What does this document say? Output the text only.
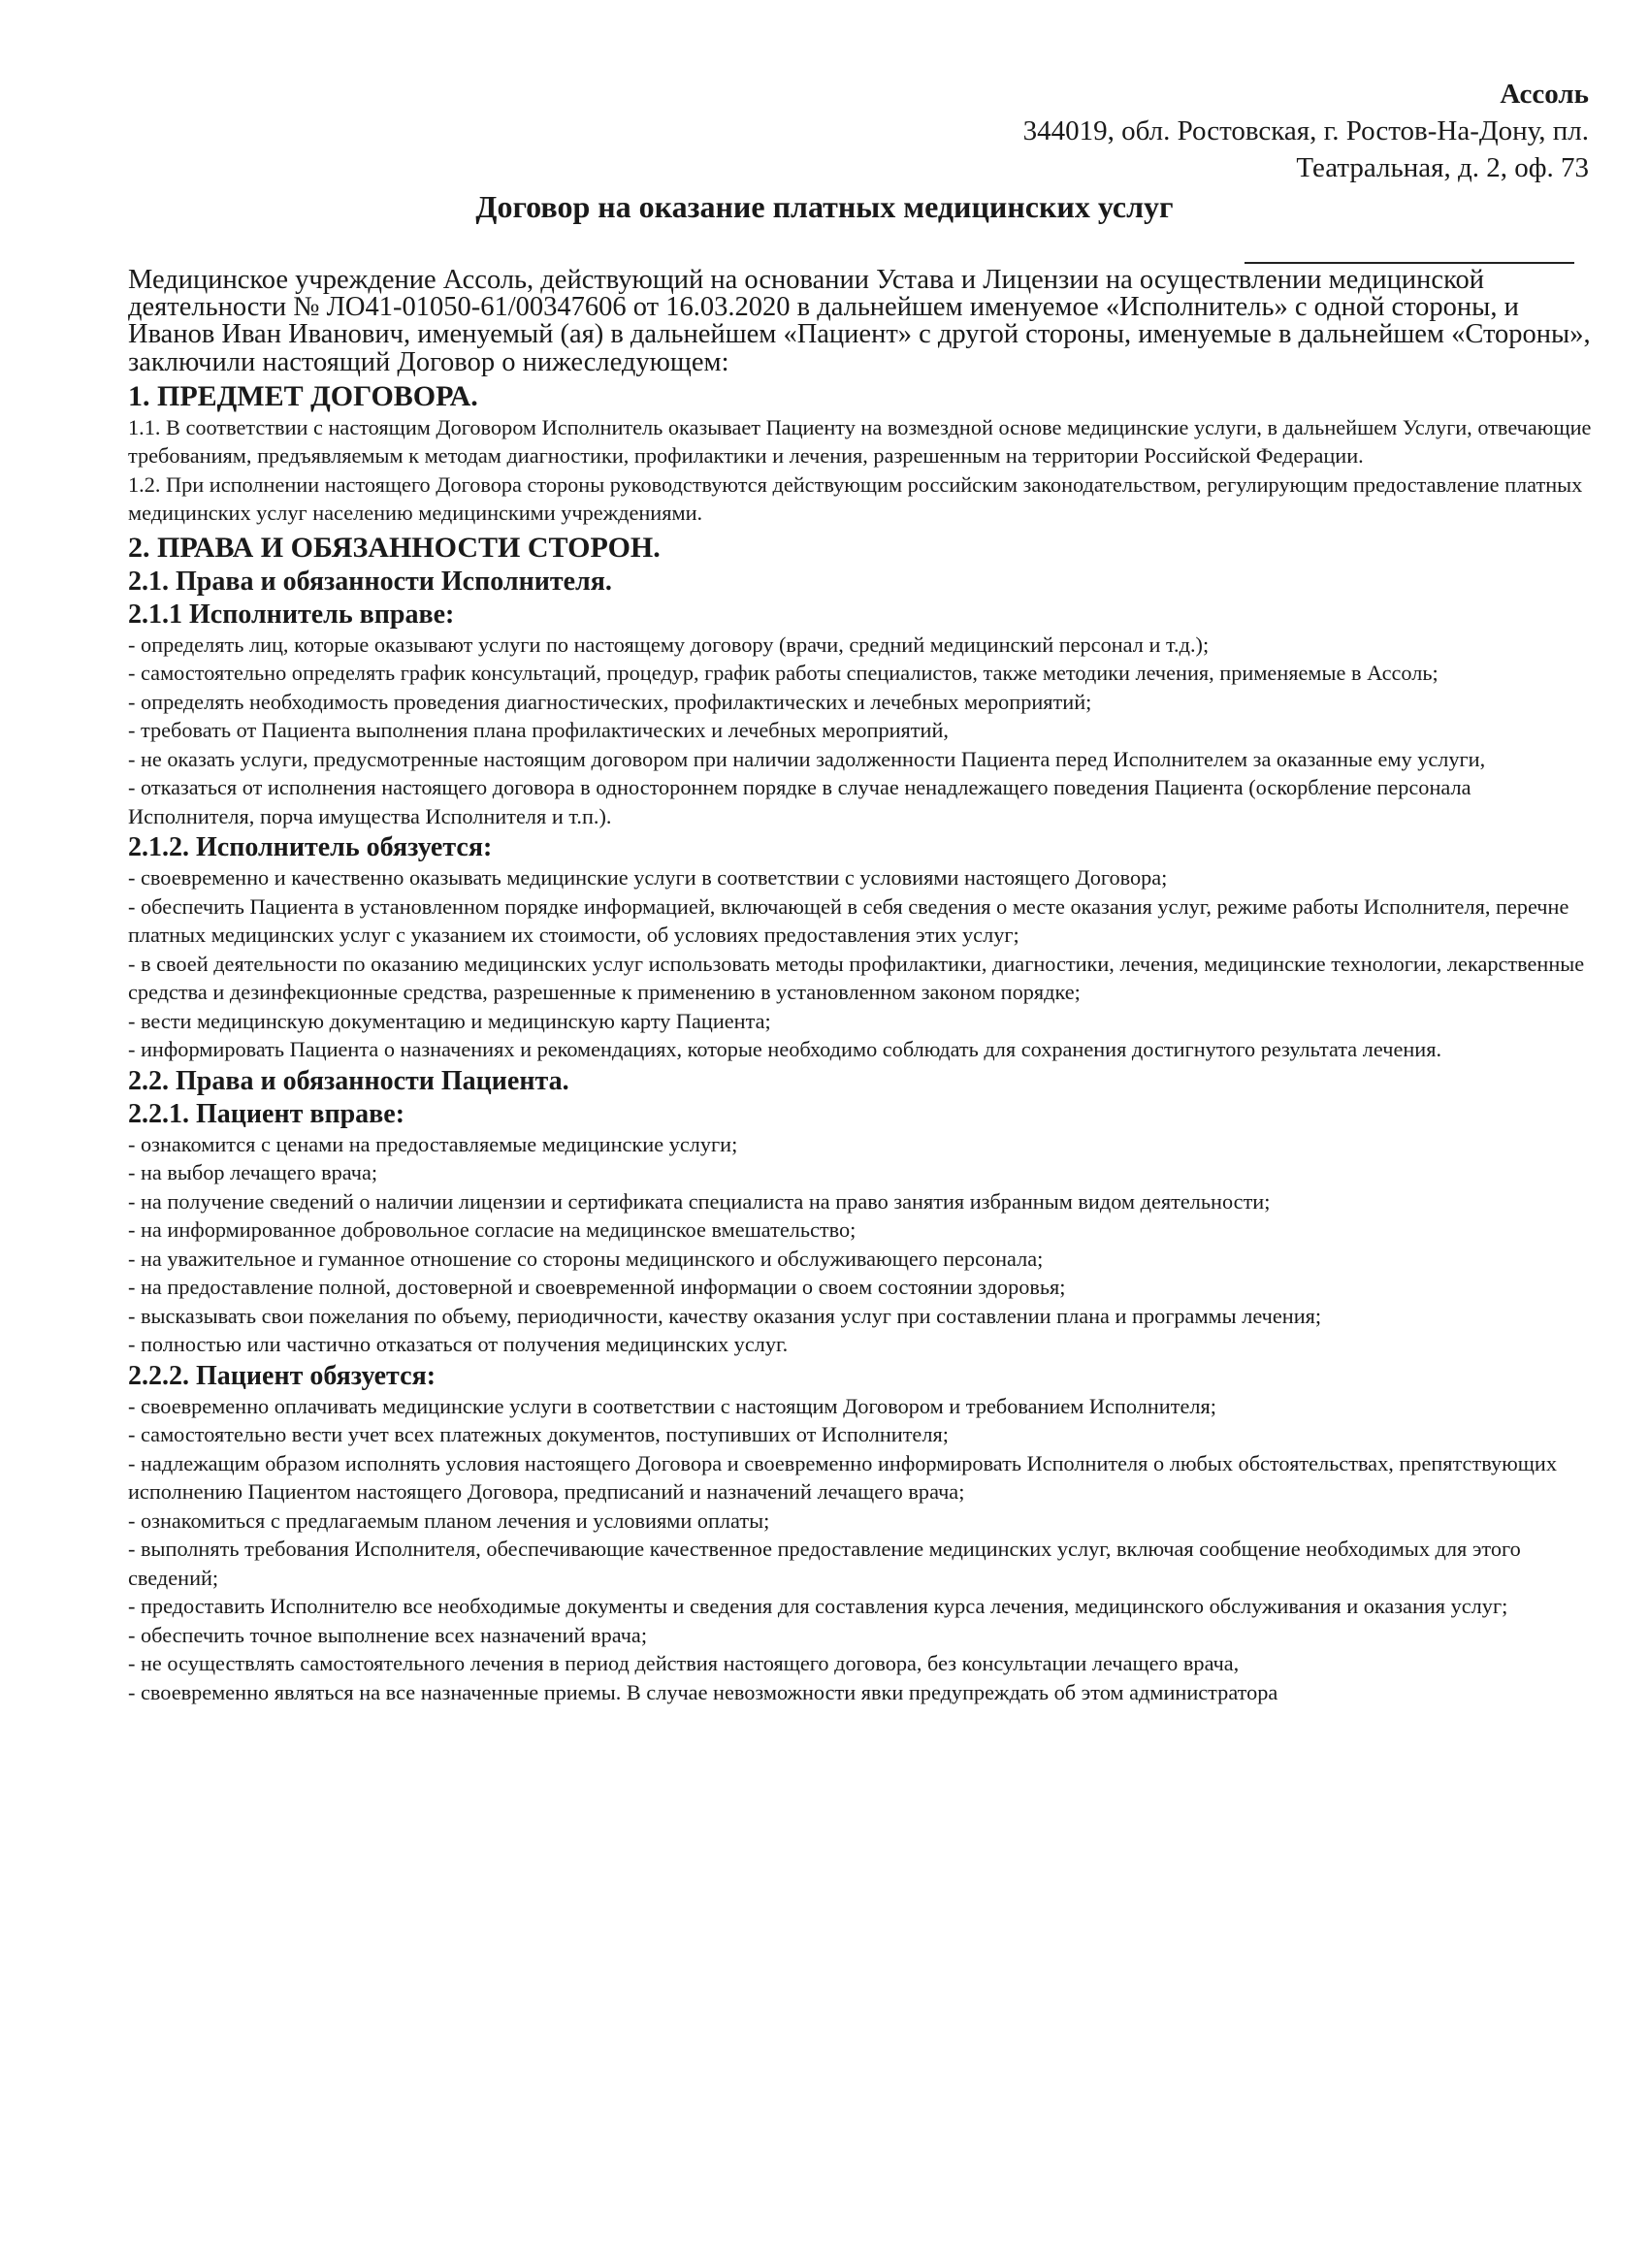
Ассоль
344019, обл. Ростовская, г. Ростов-На-Дону, пл.
Театральная, д. 2, оф. 73
Договор на оказание платных медицинских услуг

Медицинское учреждение Ассоль, действующий на основании Устава и Лицензии на осуществлении медицинской деятельности № ЛО41-01050-61/00347606 от 16.03.2020 в дальнейшем именуемое «Исполнитель» с одной стороны, и Иванов Иван Иванович, именуемый (ая) в дальнейшем «Пациент» с другой стороны, именуемые в дальнейшем «Стороны», заключили настоящий Договор о нижеследующем:

1. ПРЕДМЕТ ДОГОВОРА.

1.1. В соответствии с настоящим Договором Исполнитель оказывает Пациенту на возмездной основе медицинские услуги, в дальнейшем Услуги, отвечающие требованиям, предъявляемым к методам диагностики, профилактики и лечения, разрешенным на территории Российской Федерации.

1.2. При исполнении настоящего Договора стороны руководствуются действующим российским законодательством, регулирующим предоставление платных медицинских услуг населению медицинскими учреждениями.

2. ПРАВА И ОБЯЗАННОСТИ СТОРОН.
2.1. Права и обязанности Исполнителя.
2.1.1 Исполнитель вправе:

- определять лиц, которые оказывают услуги по настоящему договору (врачи, средний медицинский персонал и т.д.);

- самостоятельно определять график консультаций, процедур, график работы специалистов, также методики лечения, применяемые в Ассоль;

- определять необходимость проведения диагностических, профилактических и лечебных мероприятий;

- требовать от Пациента выполнения плана профилактических и лечебных мероприятий,

- не оказать услуги, предусмотренные настоящим договором при наличии задолженности Пациента перед Исполнителем за оказанные ему услуги,

- отказаться от исполнения настоящего договора в одностороннем порядке в случае ненадлежащего поведения Пациента (оскорбление персонала Исполнителя, порча имущества Исполнителя и т.п.).

2.1.2. Исполнитель обязуется:

- своевременно и качественно оказывать медицинские услуги в соответствии с условиями настоящего Договора;

- обеспечить Пациента в установленном порядке информацией, включающей в себя сведения о месте оказания услуг, режиме работы Исполнителя, перечне платных медицинских услуг с указанием их стоимости, об условиях предоставления этих услуг;

- в своей деятельности по оказанию медицинских услуг использовать методы профилактики, диагностики, лечения, медицинские технологии, лекарственные средства и дезинфекционные средства, разрешенные к применению в установленном законом порядке;

- вести медицинскую документацию и медицинскую карту Пациента;

- информировать Пациента о назначениях и рекомендациях, которые необходимо соблюдать для сохранения достигнутого результата лечения.

2.2. Права и обязанности Пациента.
2.2.1. Пациент вправе:

- ознакомится с ценами на предоставляемые медицинские услуги;

- на выбор лечащего врача;

- на получение сведений о наличии лицензии и сертификата специалиста на право занятия избранным видом деятельности;

- на информированное добровольное согласие на медицинское вмешательство;

- на уважительное и гуманное отношение со стороны медицинского и обслуживающего персонала;

- на предоставление полной, достоверной и своевременной информации о своем состоянии здоровья;

- высказывать свои пожелания по объему, периодичности, качеству оказания услуг при составлении плана и программы лечения;

- полностью или частично отказаться от получения медицинских услуг.

2.2.2. Пациент обязуется:

- своевременно оплачивать медицинские услуги в соответствии с настоящим Договором и требованием Исполнителя;

- самостоятельно вести учет всех платежных документов, поступивших от Исполнителя;

- надлежащим образом исполнять условия настоящего Договора и своевременно информировать Исполнителя о любых обстоятельствах, препятствующих исполнению Пациентом настоящего Договора, предписаний и назначений лечащего врача;

- ознакомиться с предлагаемым планом лечения и условиями оплаты;

- выполнять требования Исполнителя, обеспечивающие качественное предоставление медицинских услуг, включая сообщение необходимых для этого сведений;

- предоставить Исполнителю все необходимые документы и сведения для составления курса лечения, медицинского обслуживания и оказания услуг;

- обеспечить точное выполнение всех назначений врача;

- не осуществлять самостоятельного лечения в период действия настоящего договора, без консультации лечащего врача,

- своевременно являться на все назначенные приемы. В случае невозможности явки предупреждать об этом администратора
